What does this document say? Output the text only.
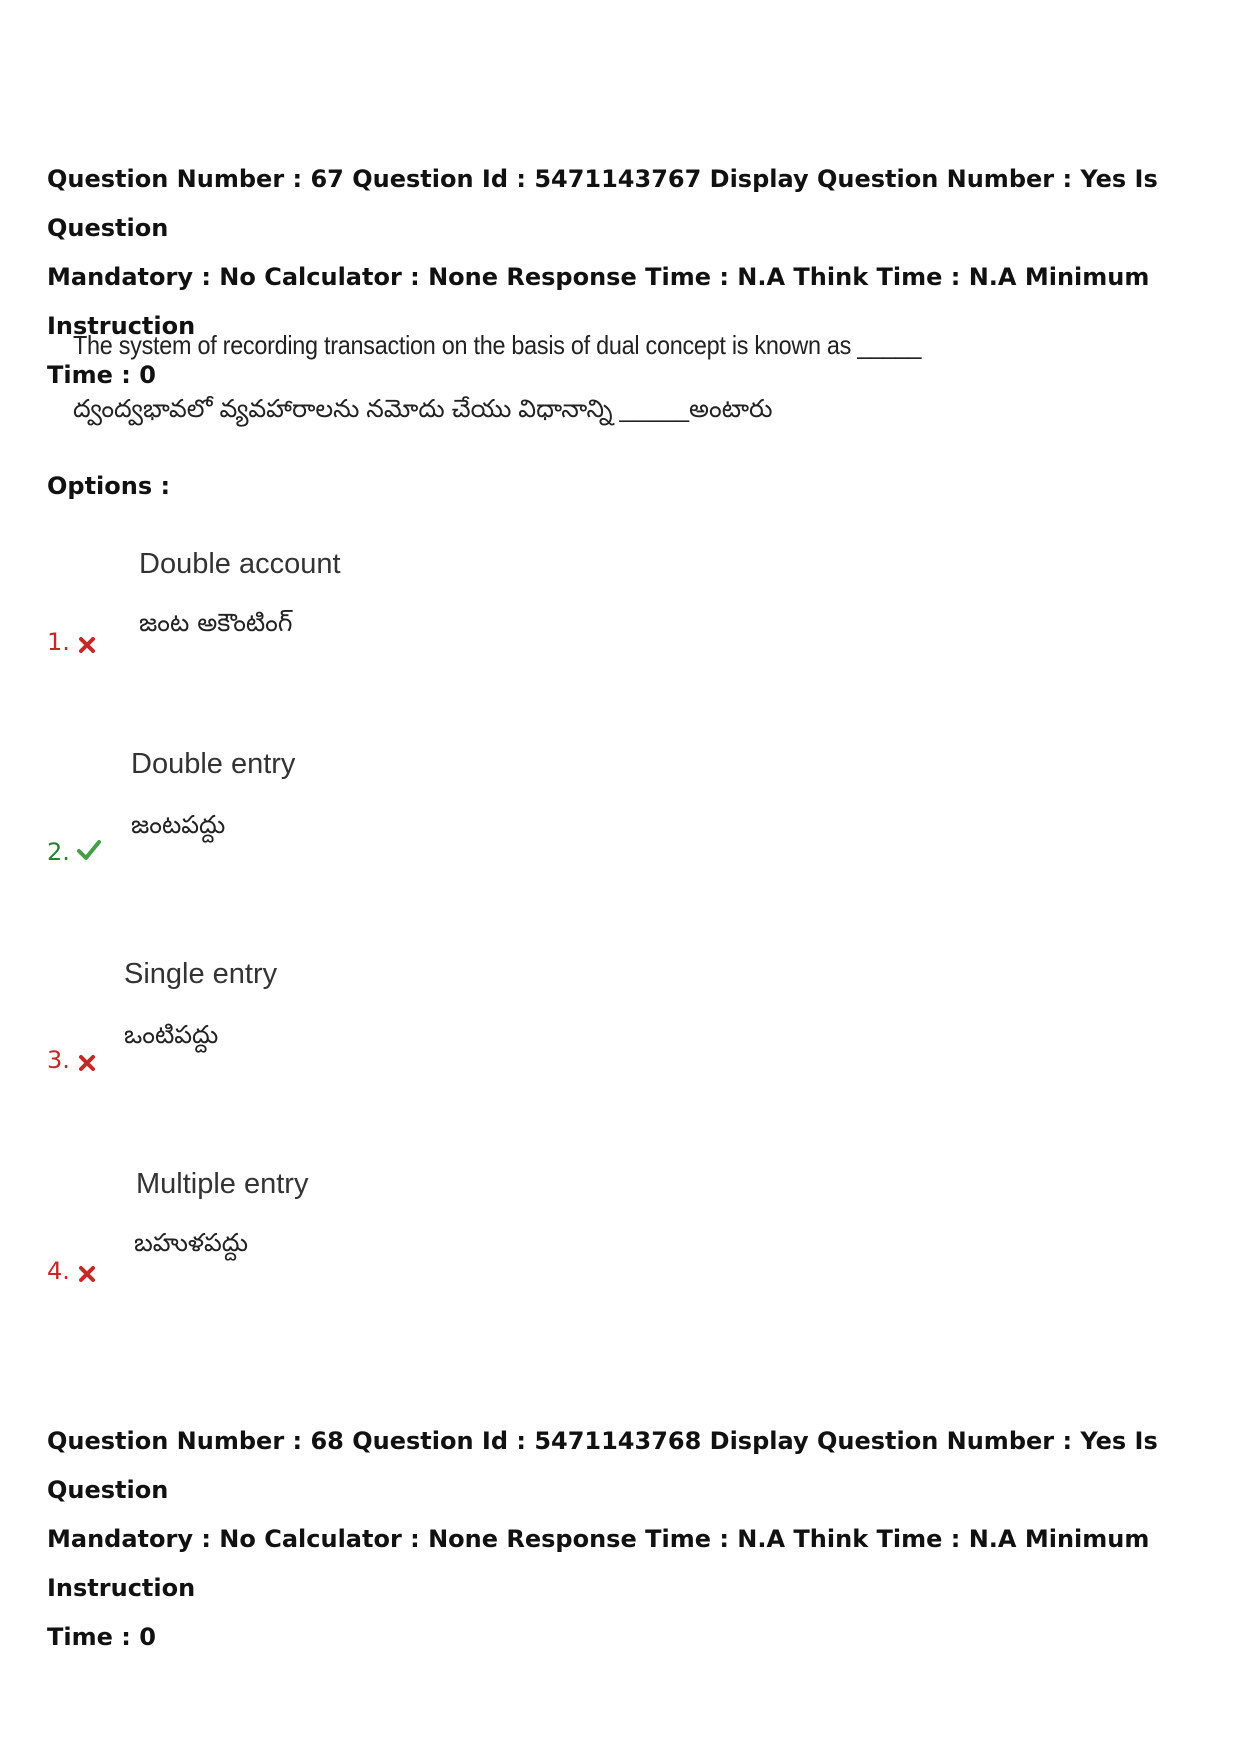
Question Number : 67 Question Id : 5471143767 Display Question Number : Yes Is Question
Mandatory : No Calculator : None Response Time : N.A Think Time : N.A Minimum Instruction
Time : 0
The system of recording transaction on the basis of dual concept is known as _____
ద్వంద్వభావలో వ్యవహారాలను నమోదు చేయు విధానాన్ని _____అంటారు
Options :
Double account
జంట అకౌంటింగ్
1.
Double entry
జంటపద్దు
2.
Single entry
ఒంటిపద్దు
3.
Multiple entry
బహుళపద్దు
4.
Question Number : 68 Question Id : 5471143768 Display Question Number : Yes Is Question
Mandatory : No Calculator : None Response Time : N.A Think Time : N.A Minimum Instruction
Time : 0
